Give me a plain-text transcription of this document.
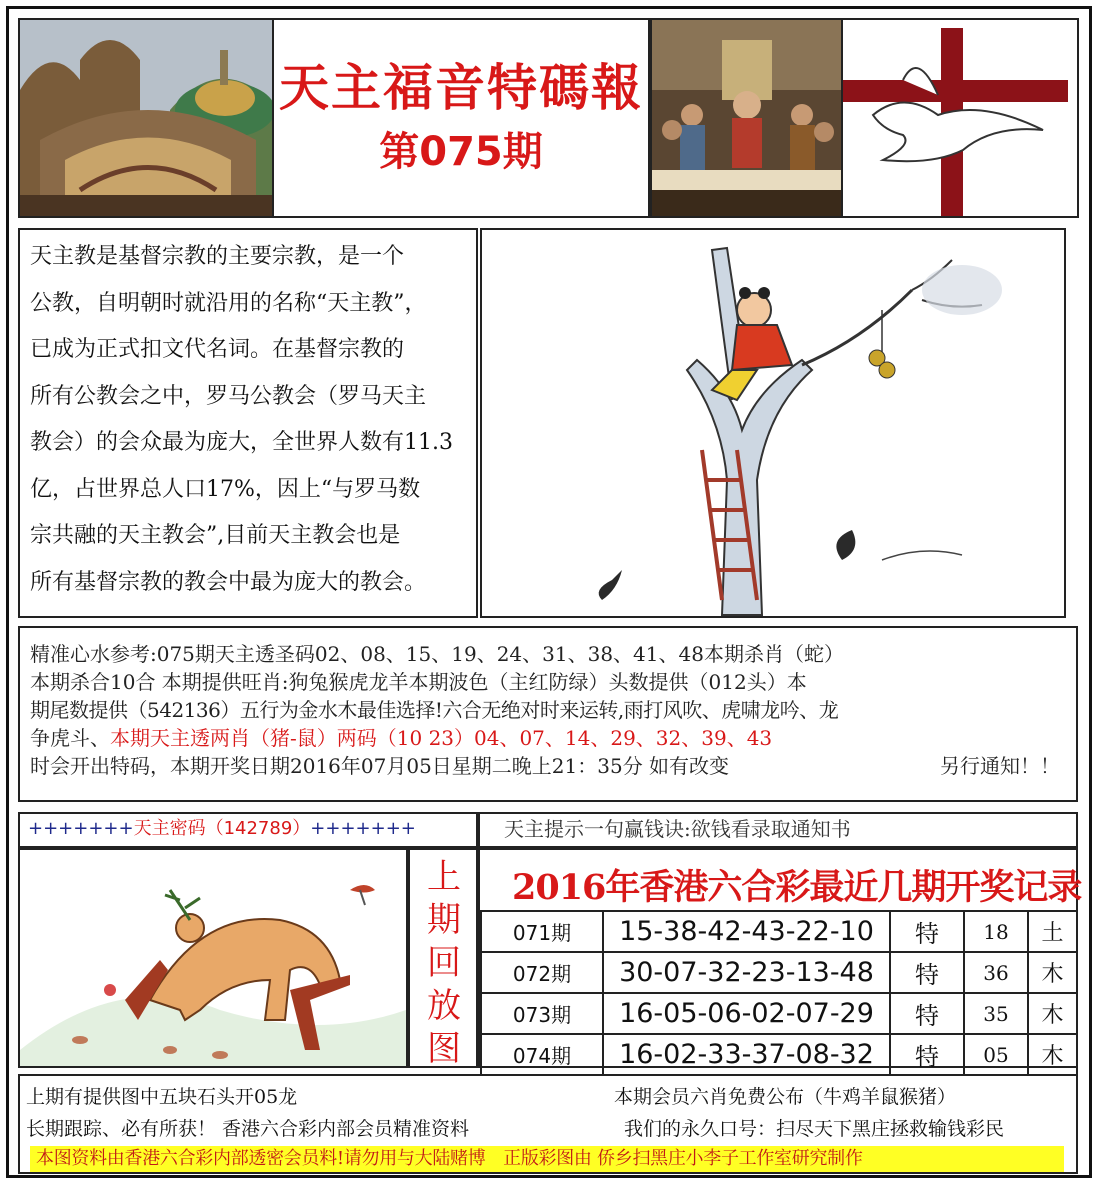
天主福音特碼報
第075期

天主教是基督宗教的主要宗教，是一个

公教，自明朝时就沿用的名称“天主教”，

已成为正式扣文代名词。在基督宗教的

所有公教会之中，罗马公教会（罗马天主

教会）的会众最为庞大，全世界人数有11.3

亿，占世界总人口17%，因上“与罗马数

宗共融的天主教会”,目前天主教会也是

所有基督宗教的教会中最为庞大的教会。

精准心水参考:075期天主透圣码02、08、15、19、24、31、38、41、48本期杀肖（蛇）
本期杀合10合 本期提供旺肖:狗兔猴虎龙羊本期波色（主红防绿）头数提供（012头）本
期尾数提供（542136）五行为金水木最佳选择!六合无绝对时来运转,雨打风吹、虎啸龙吟、龙
争虎斗、本期天主透两肖（猪-鼠）两码（10 23）04、07、14、29、32、39、43
时会开出特码，本期开奖日期2016年07月05日星期二晚上21：35分 如有改变	另行通知！！
+++++++天主密码（142789）+++++++	天主提示一句赢钱诀:欲钱看录取通知书
上期回放图
2016年香港六合彩最近几期开奖记录
071期	15-38-42-43-22-10	特	18	土
072期	30-07-32-23-13-48	特	36	木
073期	16-05-06-02-07-29	特	35	木
074期	16-02-33-37-08-32	特	05	木
上期有提供图中五块石头开05龙	本期会员六肖免费公布（牛鸡羊鼠猴猪）
长期跟踪、必有所获！ 香港六合彩内部会员精准资料	我们的永久口号：扫尽天下黑庄拯救输钱彩民
本图资料由香港六合彩内部透密会员料!请勿用与大陆赌博　正版彩图由 侨乡扫黑庄小李子工作室研究制作
